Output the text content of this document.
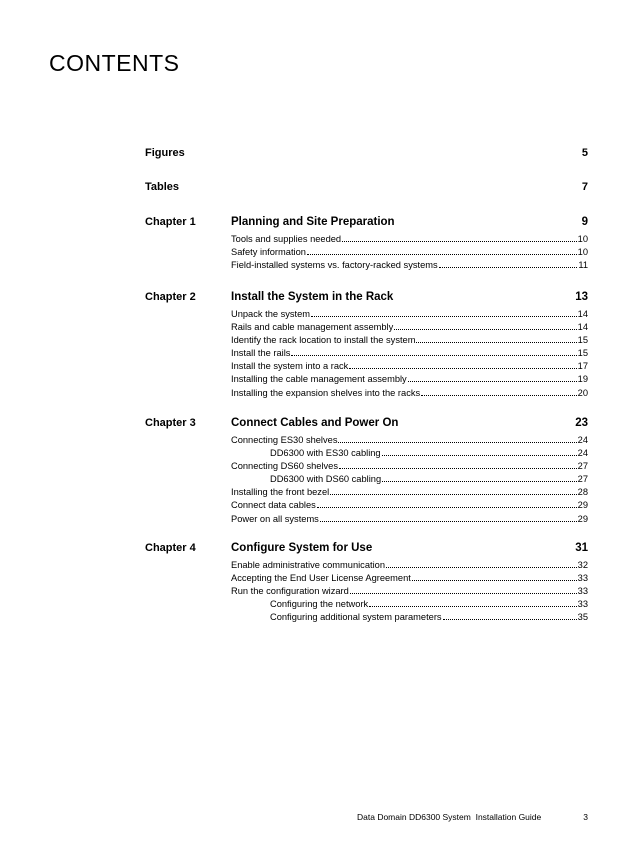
CONTENTS
Figures	5
Tables	7
Chapter 1	Planning and Site Preparation	9
Tools and supplies needed	10
Safety information	10
Field-installed systems vs. factory-racked systems	11
Chapter 2	Install the System in the Rack	13
Unpack the system	14
Rails and cable management assembly	14
Identify the rack location to install the system	15
Install the rails	15
Install the system into a rack	17
Installing the cable management assembly	19
Installing the expansion shelves into the racks	20
Chapter 3	Connect Cables and Power On	23
Connecting ES30 shelves	24
DD6300 with ES30 cabling	24
Connecting DS60 shelves	27
DD6300 with DS60 cabling	27
Installing the front bezel	28
Connect data cables	29
Power on all systems	29
Chapter 4	Configure System for Use	31
Enable administrative communication	32
Accepting the End User License Agreement	33
Run the configuration wizard	33
Configuring the network	33
Configuring additional system parameters	35
Data Domain DD6300 System  Installation Guide	3
